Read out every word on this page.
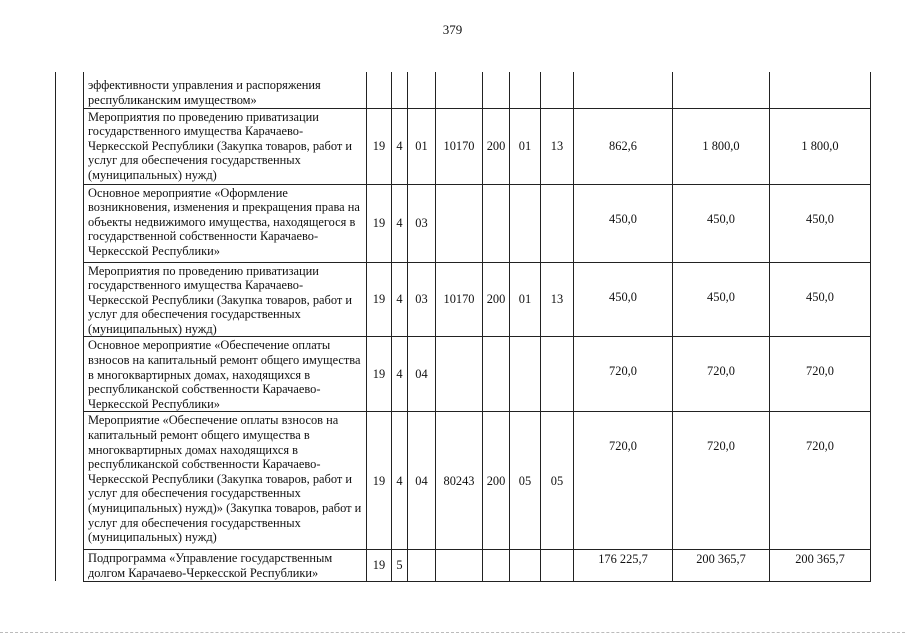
379
	эффективности управления и распоряжения республиканским имуществом»										
	Мероприятия по проведению приватизации государственного имущества Карачаево-Черкесской Республики (Закупка товаров, работ и услуг для обеспечения государственных (муниципальных) нужд)	19	4	01	10170	200	01	13	862,6	1 800,0	1 800,0
	Основное мероприятие «Оформление возникновения, изменения и прекращения права на объекты недвижимого имущества, находящегося в государственной собственности Карачаево-Черкесской Республики»	19	4	03					450,0	450,0	450,0
	Мероприятия по проведению приватизации государственного имущества Карачаево-Черкесской Республики (Закупка товаров, работ и услуг для обеспечения государственных (муниципальных) нужд)	19	4	03	10170	200	01	13	450,0	450,0	450,0
	Основное мероприятие «Обеспечение оплаты взносов на капитальный ремонт общего имущества в многоквартирных домах, находящихся в республиканской собственности Карачаево-Черкесской Республики»	19	4	04					720,0	720,0	720,0
	Мероприятие «Обеспечение оплаты взносов на капитальный ремонт общего имущества в многоквартирных домах находящихся в республиканской собственности Карачаево-Черкесской Республики (Закупка товаров, работ и услуг для обеспечения государственных (муниципальных) нужд)» (Закупка товаров, работ и услуг для обеспечения государственных (муниципальных) нужд)	19	4	04	80243	200	05	05	720,0	720,0	720,0
	Подпрограмма «Управление государственным долгом Карачаево-Черкесской Республики»	19	5						176 225,7	200 365,7	200 365,7
